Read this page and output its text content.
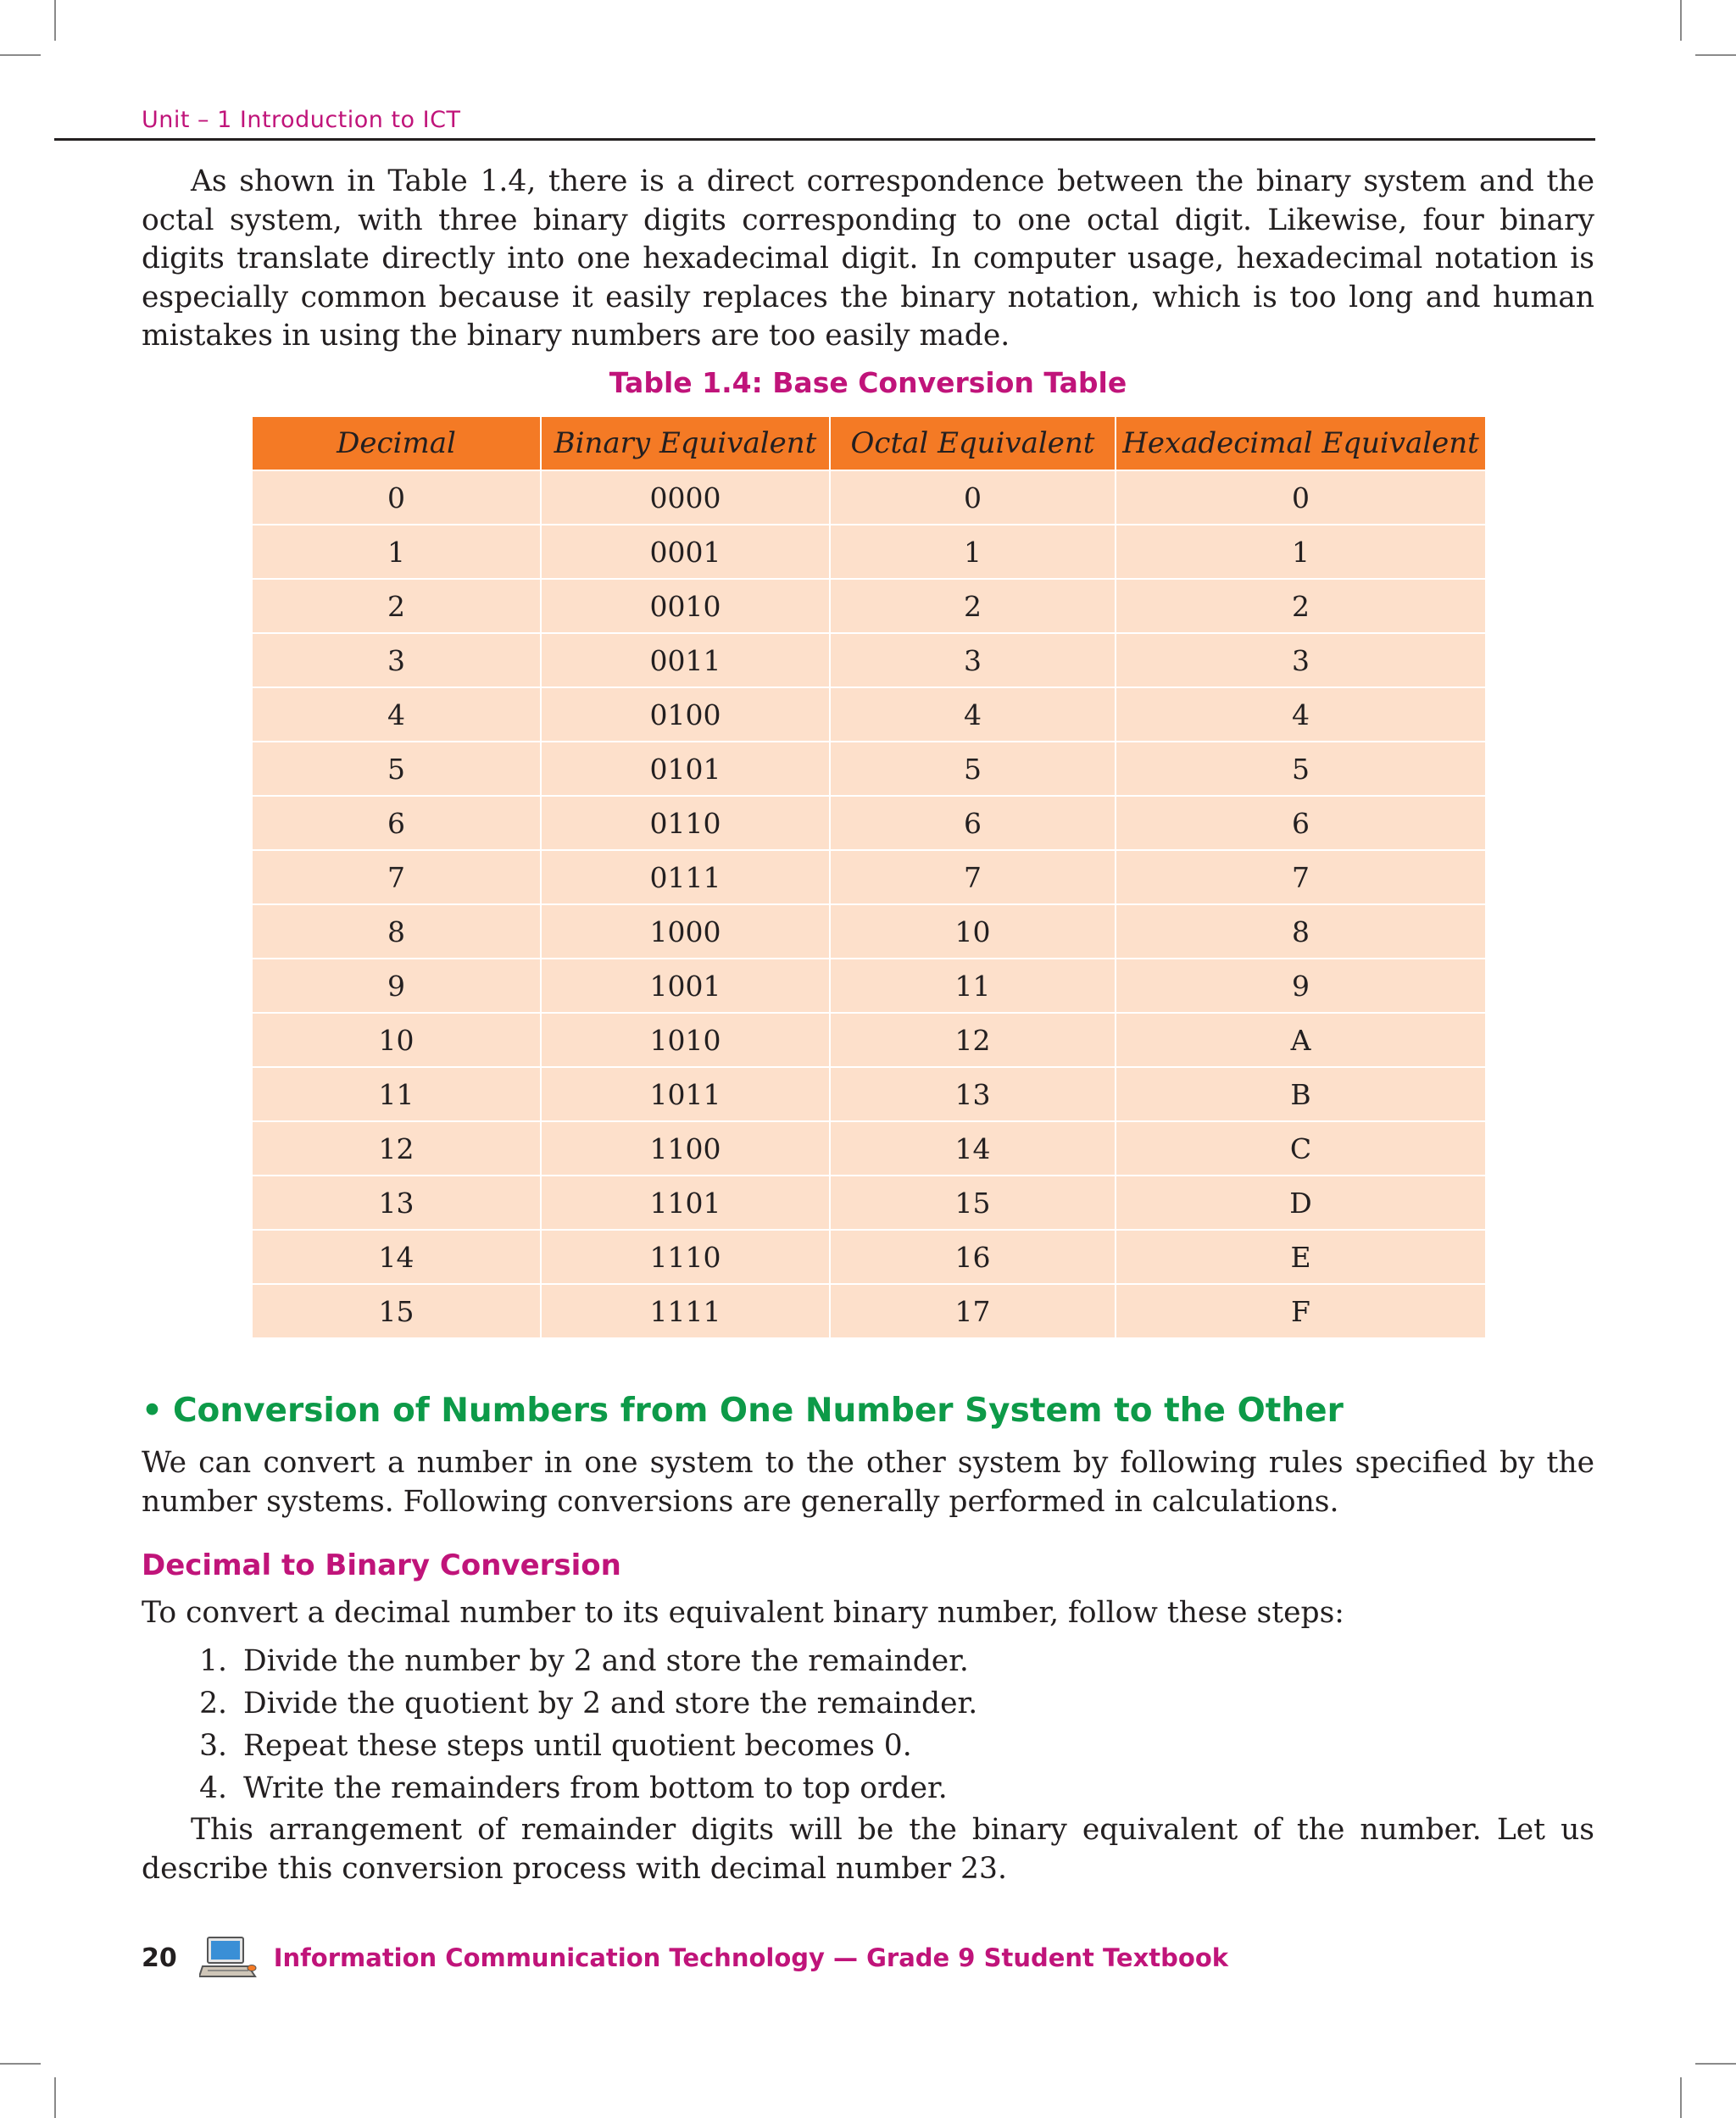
Unit – 1 Introduction to ICT

As shown in Table 1.4, there is a direct correspondence between the binary system and the octal system, with three binary digits corresponding to one octal digit. Likewise, four binary digits translate directly into one hexadecimal digit. In computer usage, hexadecimal notation is especially common because it easily replaces the binary notation, which is too long and human mistakes in using the binary numbers are too easily made.

Table 1.4: Base Conversion Table
Decimal	Binary Equivalent	Octal Equivalent	Hexadecimal Equivalent
0	0000	0	0
1	0001	1	1
2	0010	2	2
3	0011	3	3
4	0100	4	4
5	0101	5	5
6	0110	6	6
7	0111	7	7
8	1000	10	8
9	1001	11	9
10	1010	12	A
11	1011	13	B
12	1100	14	C
13	1101	15	D
14	1110	16	E
15	1111	17	F
• Conversion of Numbers from One Number System to the Other

We can convert a number in one system to the other system by following rules specified by the number systems. Following conversions are generally performed in calculations.

Decimal to Binary Conversion

To convert a decimal number to its equivalent binary number, follow these steps:

1. Divide the number by 2 and store the remainder.
2. Divide the quotient by 2 and store the remainder.
3. Repeat these steps until quotient becomes 0.
4. Write the remainders from bottom to top order.

This arrangement of remainder digits will be the binary equivalent of the number. Let us describe this conversion process with decimal number 23.

20	Information Communication Technology — Grade 9 Student Textbook
